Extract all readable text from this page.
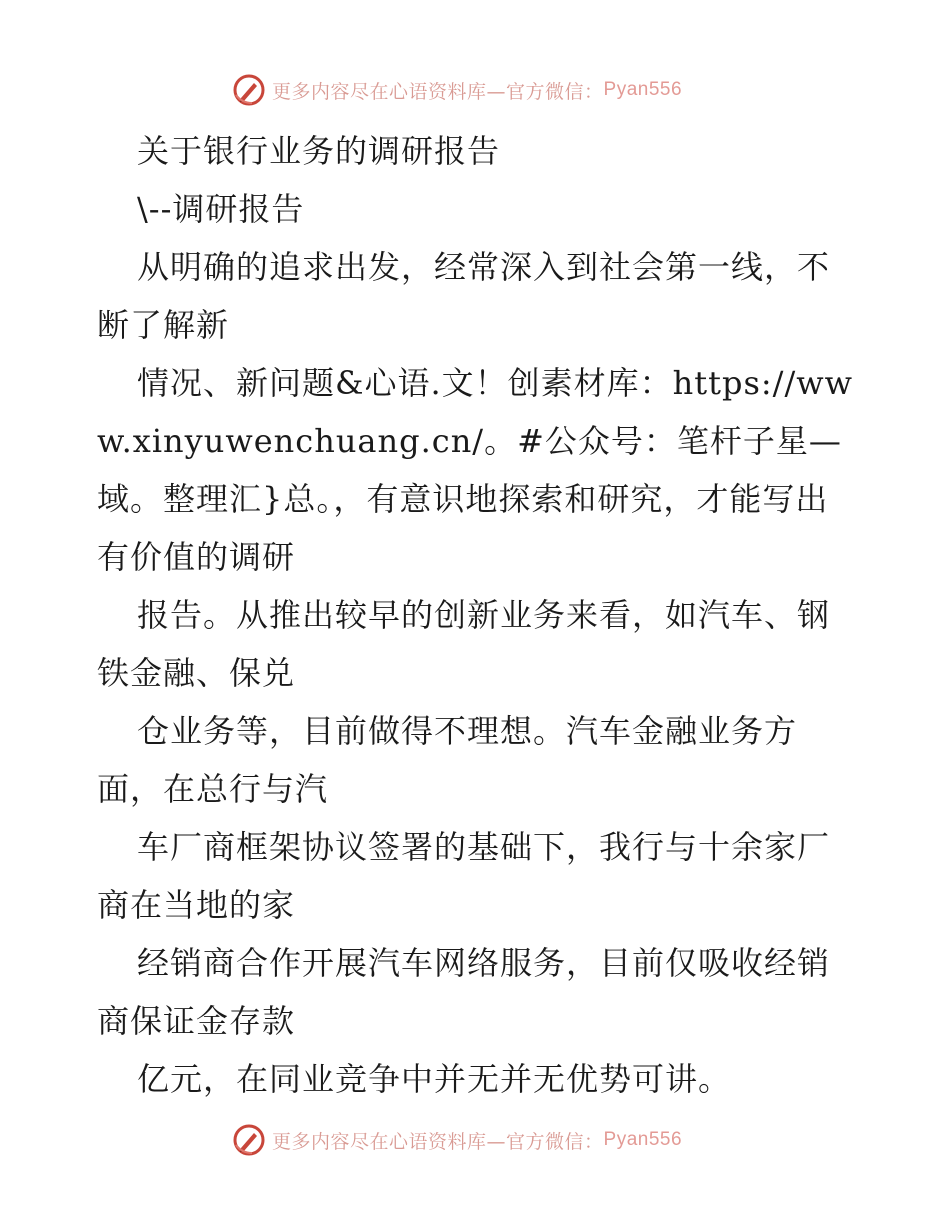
更多内容尽在心语资料库—官方微信： Pyan556

关于银行业务的调研报告

\--调研报告

从明确的追求出发，经常深入到社会第一线，不断了解新

情况、新问题&心语.文！创素材库：https://www.xinyuwenchuang.cn/。#公众号：笔杆子星—域。整理汇}总。，有意识地探索和研究，才能写出有价值的调研

报告。从推出较早的创新业务来看，如汽车、钢铁金融、保兑

仓业务等，目前做得不理想。汽车金融业务方面，在总行与汽

车厂商框架协议签署的基础下，我行与十余家厂商在当地的家

经销商合作开展汽车网络服务，目前仅吸收经销商保证金存款

亿元，在同业竞争中并无并无优势可讲。

更多内容尽在心语资料库—官方微信： Pyan556
